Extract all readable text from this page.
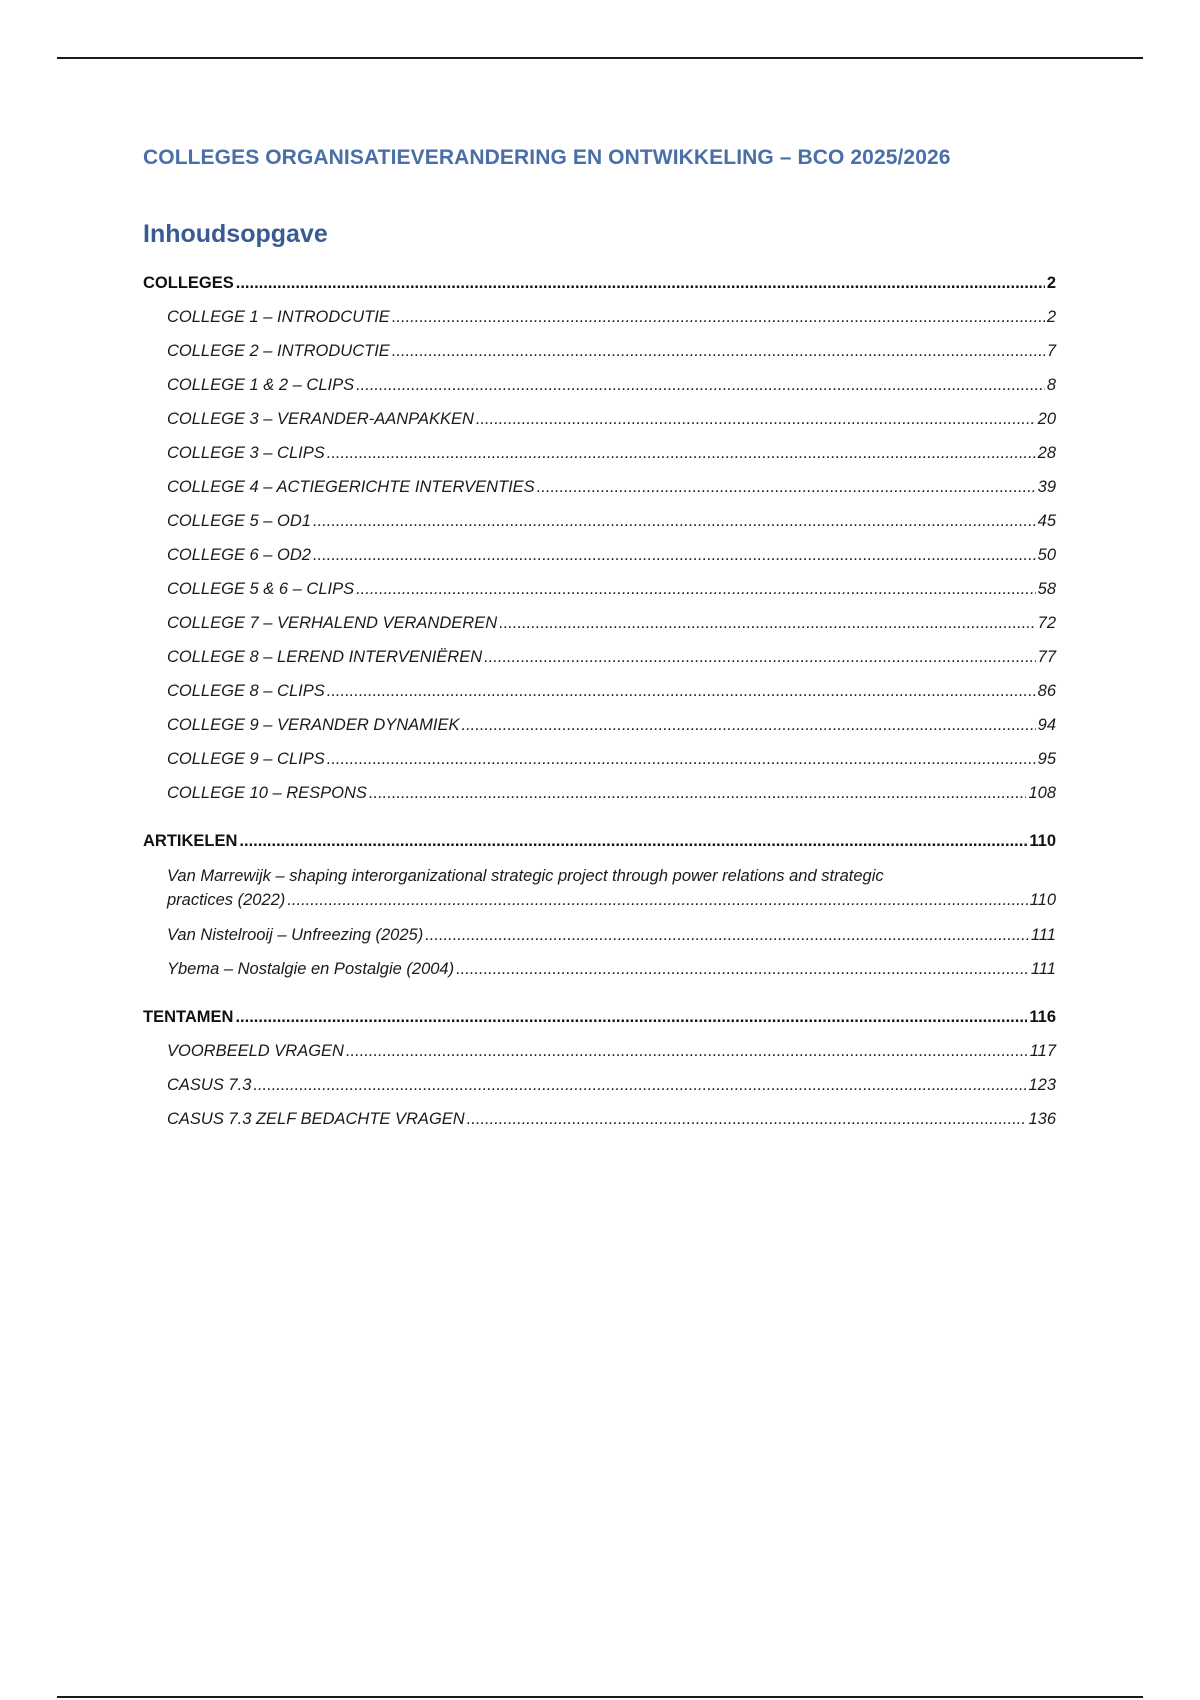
COLLEGES ORGANISATIEVERANDERING EN ONTWIKKELING – BCO 2025/2026
Inhoudsopgave
COLLEGES .....	2
COLLEGE 1 – INTRODCUTIE .....	2
COLLEGE 2 – INTRODUCTIE .....	7
COLLEGE 1 & 2 – CLIPS .....	8
COLLEGE 3 – VERANDER-AANPAKKEN .....	20
COLLEGE 3 – CLIPS .....	28
COLLEGE 4 – ACTIEGERICHTE INTERVENTIES .....	39
COLLEGE 5 – OD1 .....	45
COLLEGE 6 – OD2 .....	50
COLLEGE 5 & 6 – CLIPS .....	58
COLLEGE 7 – VERHALEND VERANDEREN .....	72
COLLEGE 8 – LEREND INTERVENIËREN .....	77
COLLEGE 8 – CLIPS .....	86
COLLEGE 9 – VERANDER DYNAMIEK .....	94
COLLEGE 9 – CLIPS .....	95
COLLEGE 10 – RESPONS .....	108
ARTIKELEN .....	110
Van Marrewijk – shaping interorganizational strategic project through power relations and strategic
practices (2022) .....	110
Van Nistelrooij – Unfreezing (2025) .....	111
Ybema – Nostalgie en Postalgie (2004) .....	111
TENTAMEN .....	116
VOORBEELD VRAGEN .....	117
CASUS 7.3 .....	123
CASUS 7.3 ZELF BEDACHTE VRAGEN .....	136
